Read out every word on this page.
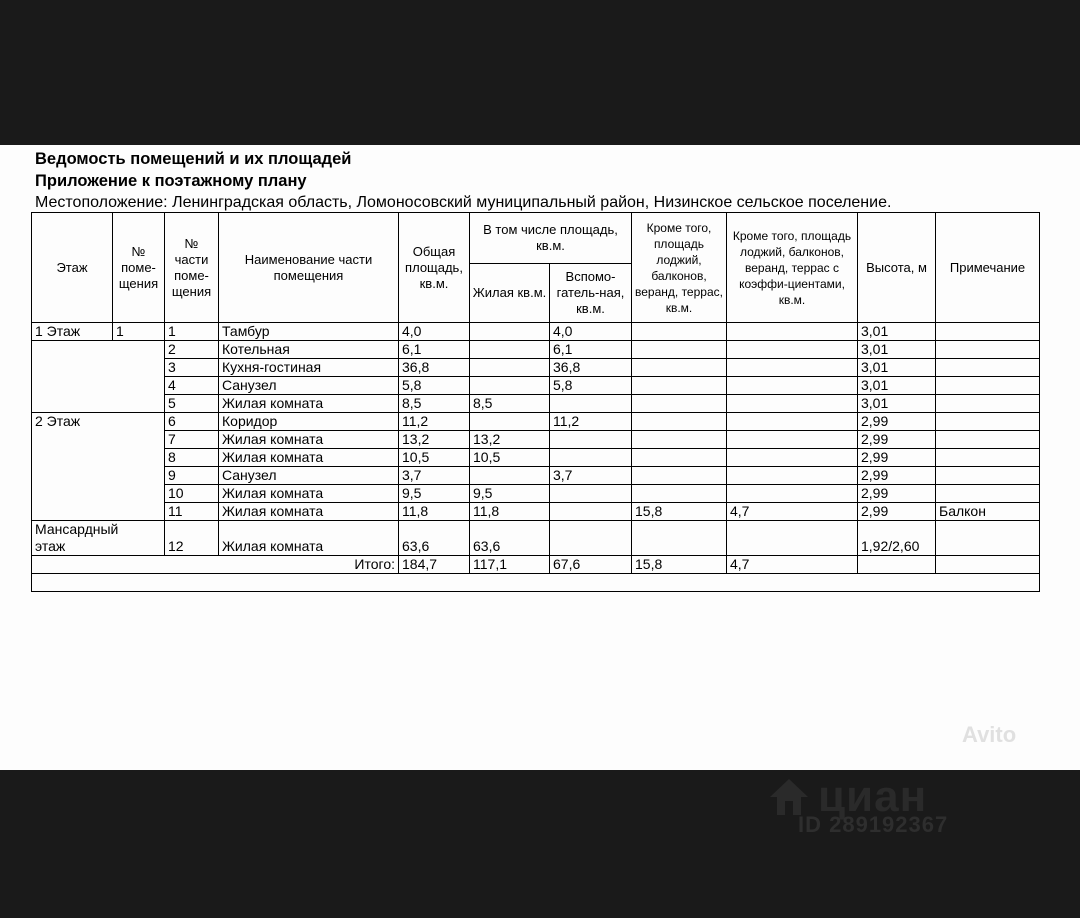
Ведомость помещений и их площадей
Приложение к поэтажному плану
Местоположение: Ленинградская область, Ломоносовский муниципальный район, Низинское сельское поселение.
Этаж	№ поме-щения	№ части поме-щения	Наименование части помещения	Общая площадь, кв.м.	В том числе площадь, кв.м.		Кроме того, площадь лоджий, балконов, веранд, террас, кв.м.	Кроме того, площадь лоджий, балконов, веранд, террас с коэффи-циентами, кв.м.	Высота, м	Примечание
					Жилая кв.м.	Вспомо-гатель-ная, кв.м.				
1 Этаж	1	1	Тамбур	4,0		4,0			3,01	
		2	Котельная	6,1		6,1			3,01	
		3	Кухня-гостиная	36,8		36,8			3,01	
		4	Санузел	5,8		5,8			3,01	
		5	Жилая комната	8,5	8,5				3,01	
2 Этаж		6	Коридор	11,2		11,2			2,99	
		7	Жилая комната	13,2	13,2				2,99	
		8	Жилая комната	10,5	10,5				2,99	
		9	Санузел	3,7		3,7			2,99	
		10	Жилая комната	9,5	9,5				2,99	
		11	Жилая комната	11,8	11,8		15,8	4,7	2,99	Балкон

Мансардный
этаж		12	Жилая комната	63,6	63,6				1,92/2,60	
Итого:				184,7	117,1	67,6	15,8	4,7		

Avito
циан
ID 289192367
